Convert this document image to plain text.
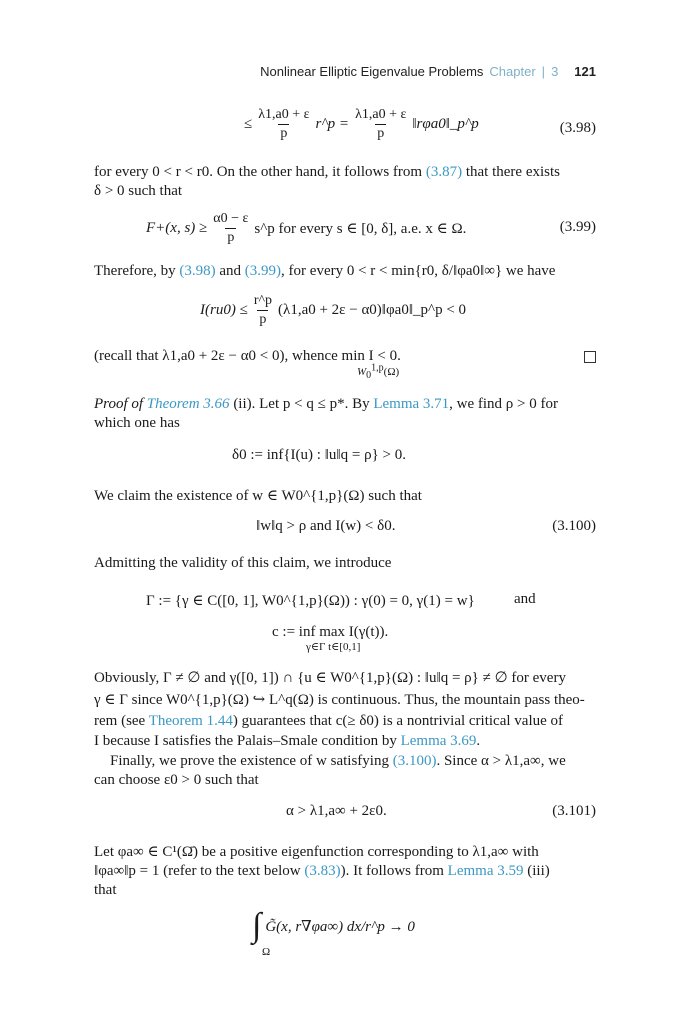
Nonlinear Elliptic Eigenvalue Problems Chapter | 3 121
≤ $\frac{\lambda 1,a0 + \varepsilon}{p}$ r^p = $\frac{\lambda 1,a0 + \varepsilon}{p}$ ‖rφa0‖_p^p	(3.98)
for every 0 < r < r0. On the other hand, it follows from (3.87) that there exists
δ > 0 such that
F+(x, $s) \ge \frac{\alpha 0 - \varepsilon}{p}$ s^p for every s ∈ [0, δ], a.e. x ∈ Ω.	(3.99)
Therefore, by (3.98) and (3.99), for every 0 < r < min{r0, δ/‖φa0‖∞} we have
$I(ru0) \le \frac{r\^{}p}{p} (\lambda 1,a0 + 2\varepsilon$ − α0)‖φa0‖_p^p < 0
(recall that λ1,a0 + 2ε − α0 < 0), whence min I < 0.
$W_0^{1,p}(\Omega)$
Proof of Theorem 3.66 (ii). Let p < q ≤ p*. By Lemma 3.71, we find ρ > 0 for
which one has
δ0 := inf{I(u) : ‖u‖q = ρ} > 0.
We claim the existence of w ∈ W0^{1,p}(Ω) such that
‖w‖q > ρ and I(w) < δ0.	(3.100)
Admitting the validity of this claim, we introduce
Γ := {γ ∈ C([0, 1], W0^{1,p}(Ω)) : γ(0) = 0, γ(1) = w}	and
c := inf max I(γ(t)).
γ∈Γ t∈[0,1]
Obviously, Γ ≠ ∅ and γ([0, 1]) ∩ {u ∈ W0^{1,p}(Ω) : ‖u‖q = ρ} ≠ ∅ for every
γ ∈ Γ since W0^{1,p}(Ω) ↪ L^q(Ω) is continuous. Thus, the mountain pass theo-
rem (see Theorem 1.44) guarantees that c(≥ δ0) is a nontrivial critical value of
I because I satisfies the Palais–Smale condition by Lemma 3.69.
Finally, we prove the existence of w satisfying (3.100). Since α > λ1,a∞, we
can choose ε0 > 0 such that
α > λ1,a∞ + 2ε0.	(3.101)
Let φa∞ ∈ C¹(Ω̄) be a positive eigenfunction corresponding to λ1,a∞ with
‖φa∞‖p = 1 (refer to the text below (3.83)). It follows from Lemma 3.59 (iii)
that
∫ G̃(x, r∇φa∞) dx/r^p → 0
Ω
